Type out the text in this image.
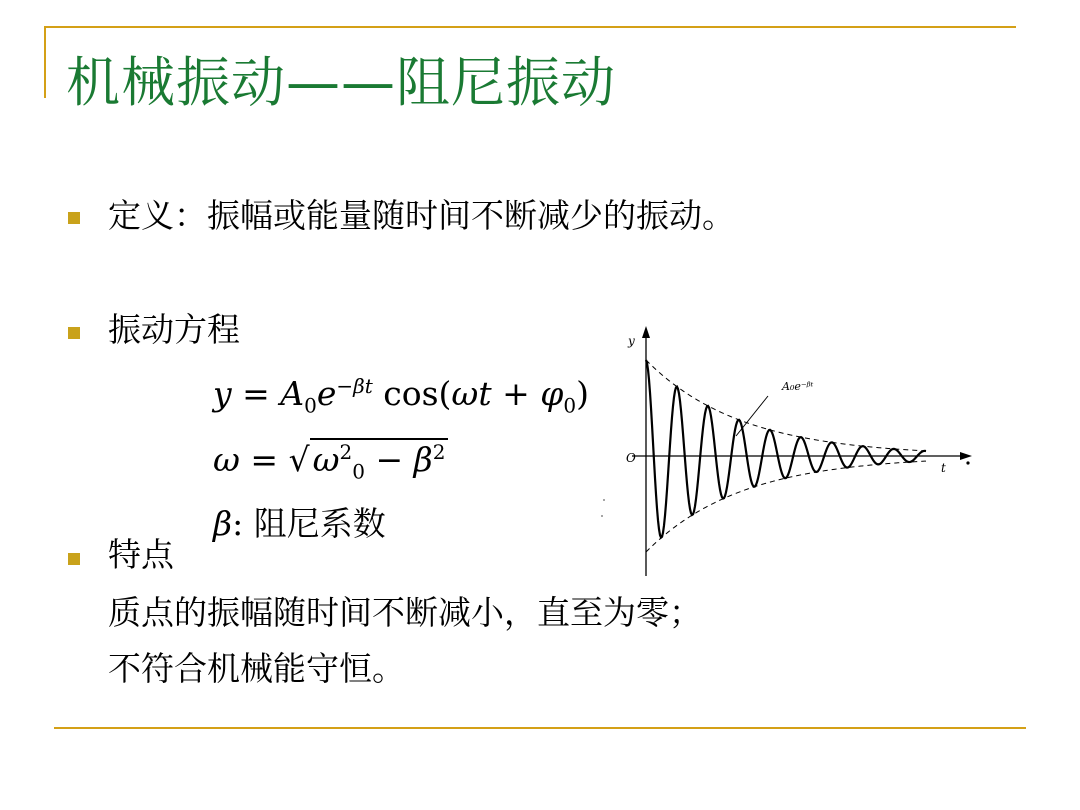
机械振动——阻尼振动
定义：振幅或能量随时间不断减少的振动。
振动方程
$y = A_0e^{-\beta t}$ $\cos(\omega t + \varphi_0)$
$\omega = √\omega^2_0 - \beta^2$
β: 阻尼系数
特点
质点的振幅随时间不断减小，直至为零；
不符合机械能守恒。
y
O
t
A₀e⁻ᵝᵗ
